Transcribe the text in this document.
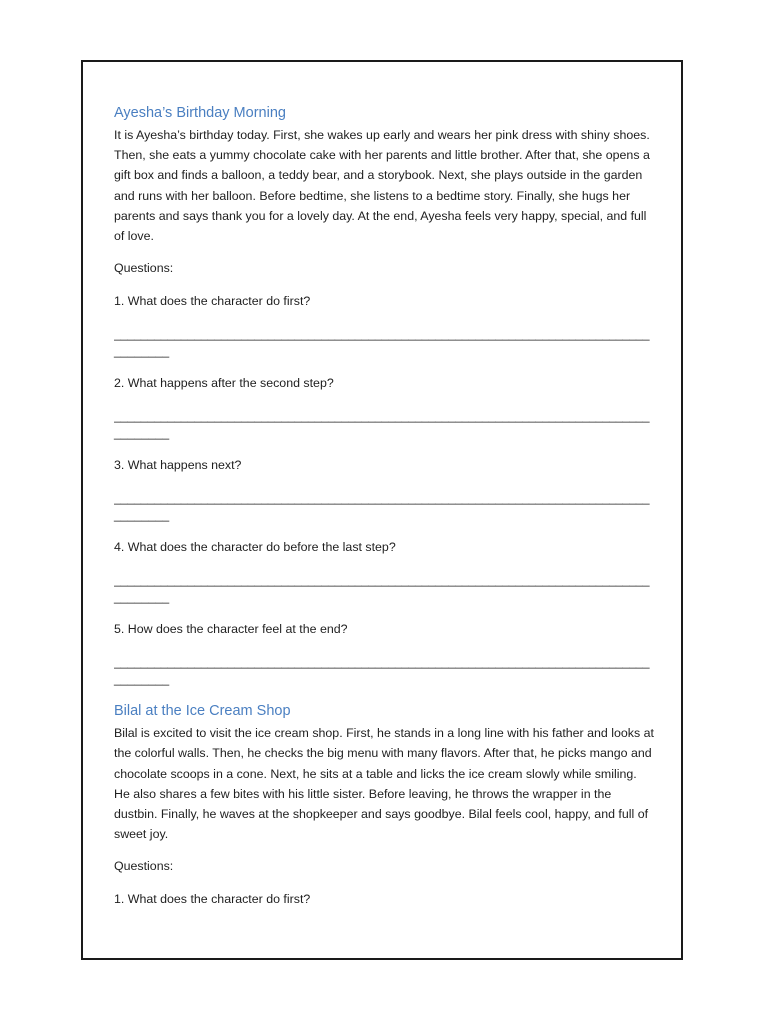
Ayesha’s Birthday Morning

It is Ayesha’s birthday today. First, she wakes up early and wears her pink dress with shiny shoes. Then, she eats a yummy chocolate cake with her parents and little brother. After that, she opens a gift box and finds a balloon, a teddy bear, and a storybook. Next, she plays outside in the garden and runs with her balloon. Before bedtime, she listens to a bedtime story. Finally, she hugs her parents and says thank you for a lovely day. At the end, Ayesha feels very happy, special, and full of love.

Questions:

1. What does the character do first?

________________________________________________________________________________
________

2. What happens after the second step?

________________________________________________________________________________
________

3. What happens next?

________________________________________________________________________________
________

4. What does the character do before the last step?

________________________________________________________________________________
________

5. How does the character feel at the end?

________________________________________________________________________________
________
Bilal at the Ice Cream Shop

Bilal is excited to visit the ice cream shop. First, he stands in a long line with his father and looks at the colorful walls. Then, he checks the big menu with many flavors. After that, he picks mango and chocolate scoops in a cone. Next, he sits at a table and licks the ice cream slowly while smiling. He also shares a few bites with his little sister. Before leaving, he throws the wrapper in the dustbin. Finally, he waves at the shopkeeper and says goodbye. Bilal feels cool, happy, and full of sweet joy.

Questions:

1. What does the character do first?
